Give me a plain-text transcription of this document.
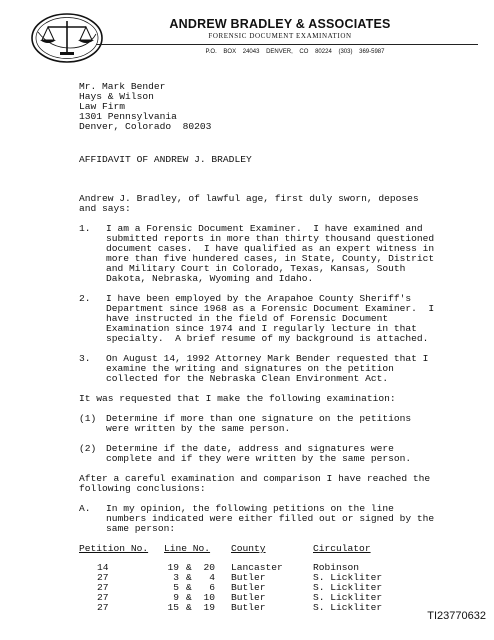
ANDREW BRADLEY & ASSOCIATES
FORENSIC DOCUMENT EXAMINATION
P.O. BOX 24043 DENVER, CO 80224 (303) 369-5987
Mr. Mark Bender
Hays & Wilson
Law Firm
1301 Pennsylvania
Denver, Colorado  80203
AFFIDAVIT OF ANDREW J. BRADLEY
Andrew J. Bradley, of lawful age, first duly sworn, deposes
and says:
1. I am a Forensic Document Examiner.  I have examined and
submitted reports in more than thirty thousand questioned
document cases.  I have qualified as an expert witness in
more than five hundered cases, in State, County, District
and Military Court in Colorado, Texas, Kansas, South
Dakota, Nebraska, Wyoming and Idaho.
2. I have been employed by the Arapahoe County Sheriff's
Department since 1968 as a Forensic Document Examiner.  I
have instructed in the field of Forensic Document
Examination since 1974 and I regularly lecture in that
specialty.  A brief resume of my background is attached.
3. On August 14, 1992 Attorney Mark Bender requested that I
examine the writing and signatures on the petition
collected for the Nebraska Clean Environment Act.
It was requested that I make the following examination:
(1) Determine if more than one signature on the petitions
were written by the same person.
(2) Determine if the date, address and signatures were
complete and if they were written by the same person.
After a careful examination and comparison I have reached the
following conclusions:
A. In my opinion, the following petitions on the line
numbers indicated were either filled out or signed by the
same person:
Petition No. Line No. County	Circulator
14	19 &	20 Lancaster	Robinson
27	3 &	4 Butler	S. Lickliter
27	5 &	6 Butler	S. Lickliter
27	9 &	10 Butler	S. Lickliter
27	15 &	19 Butler	S. Lickliter
TI23770632
